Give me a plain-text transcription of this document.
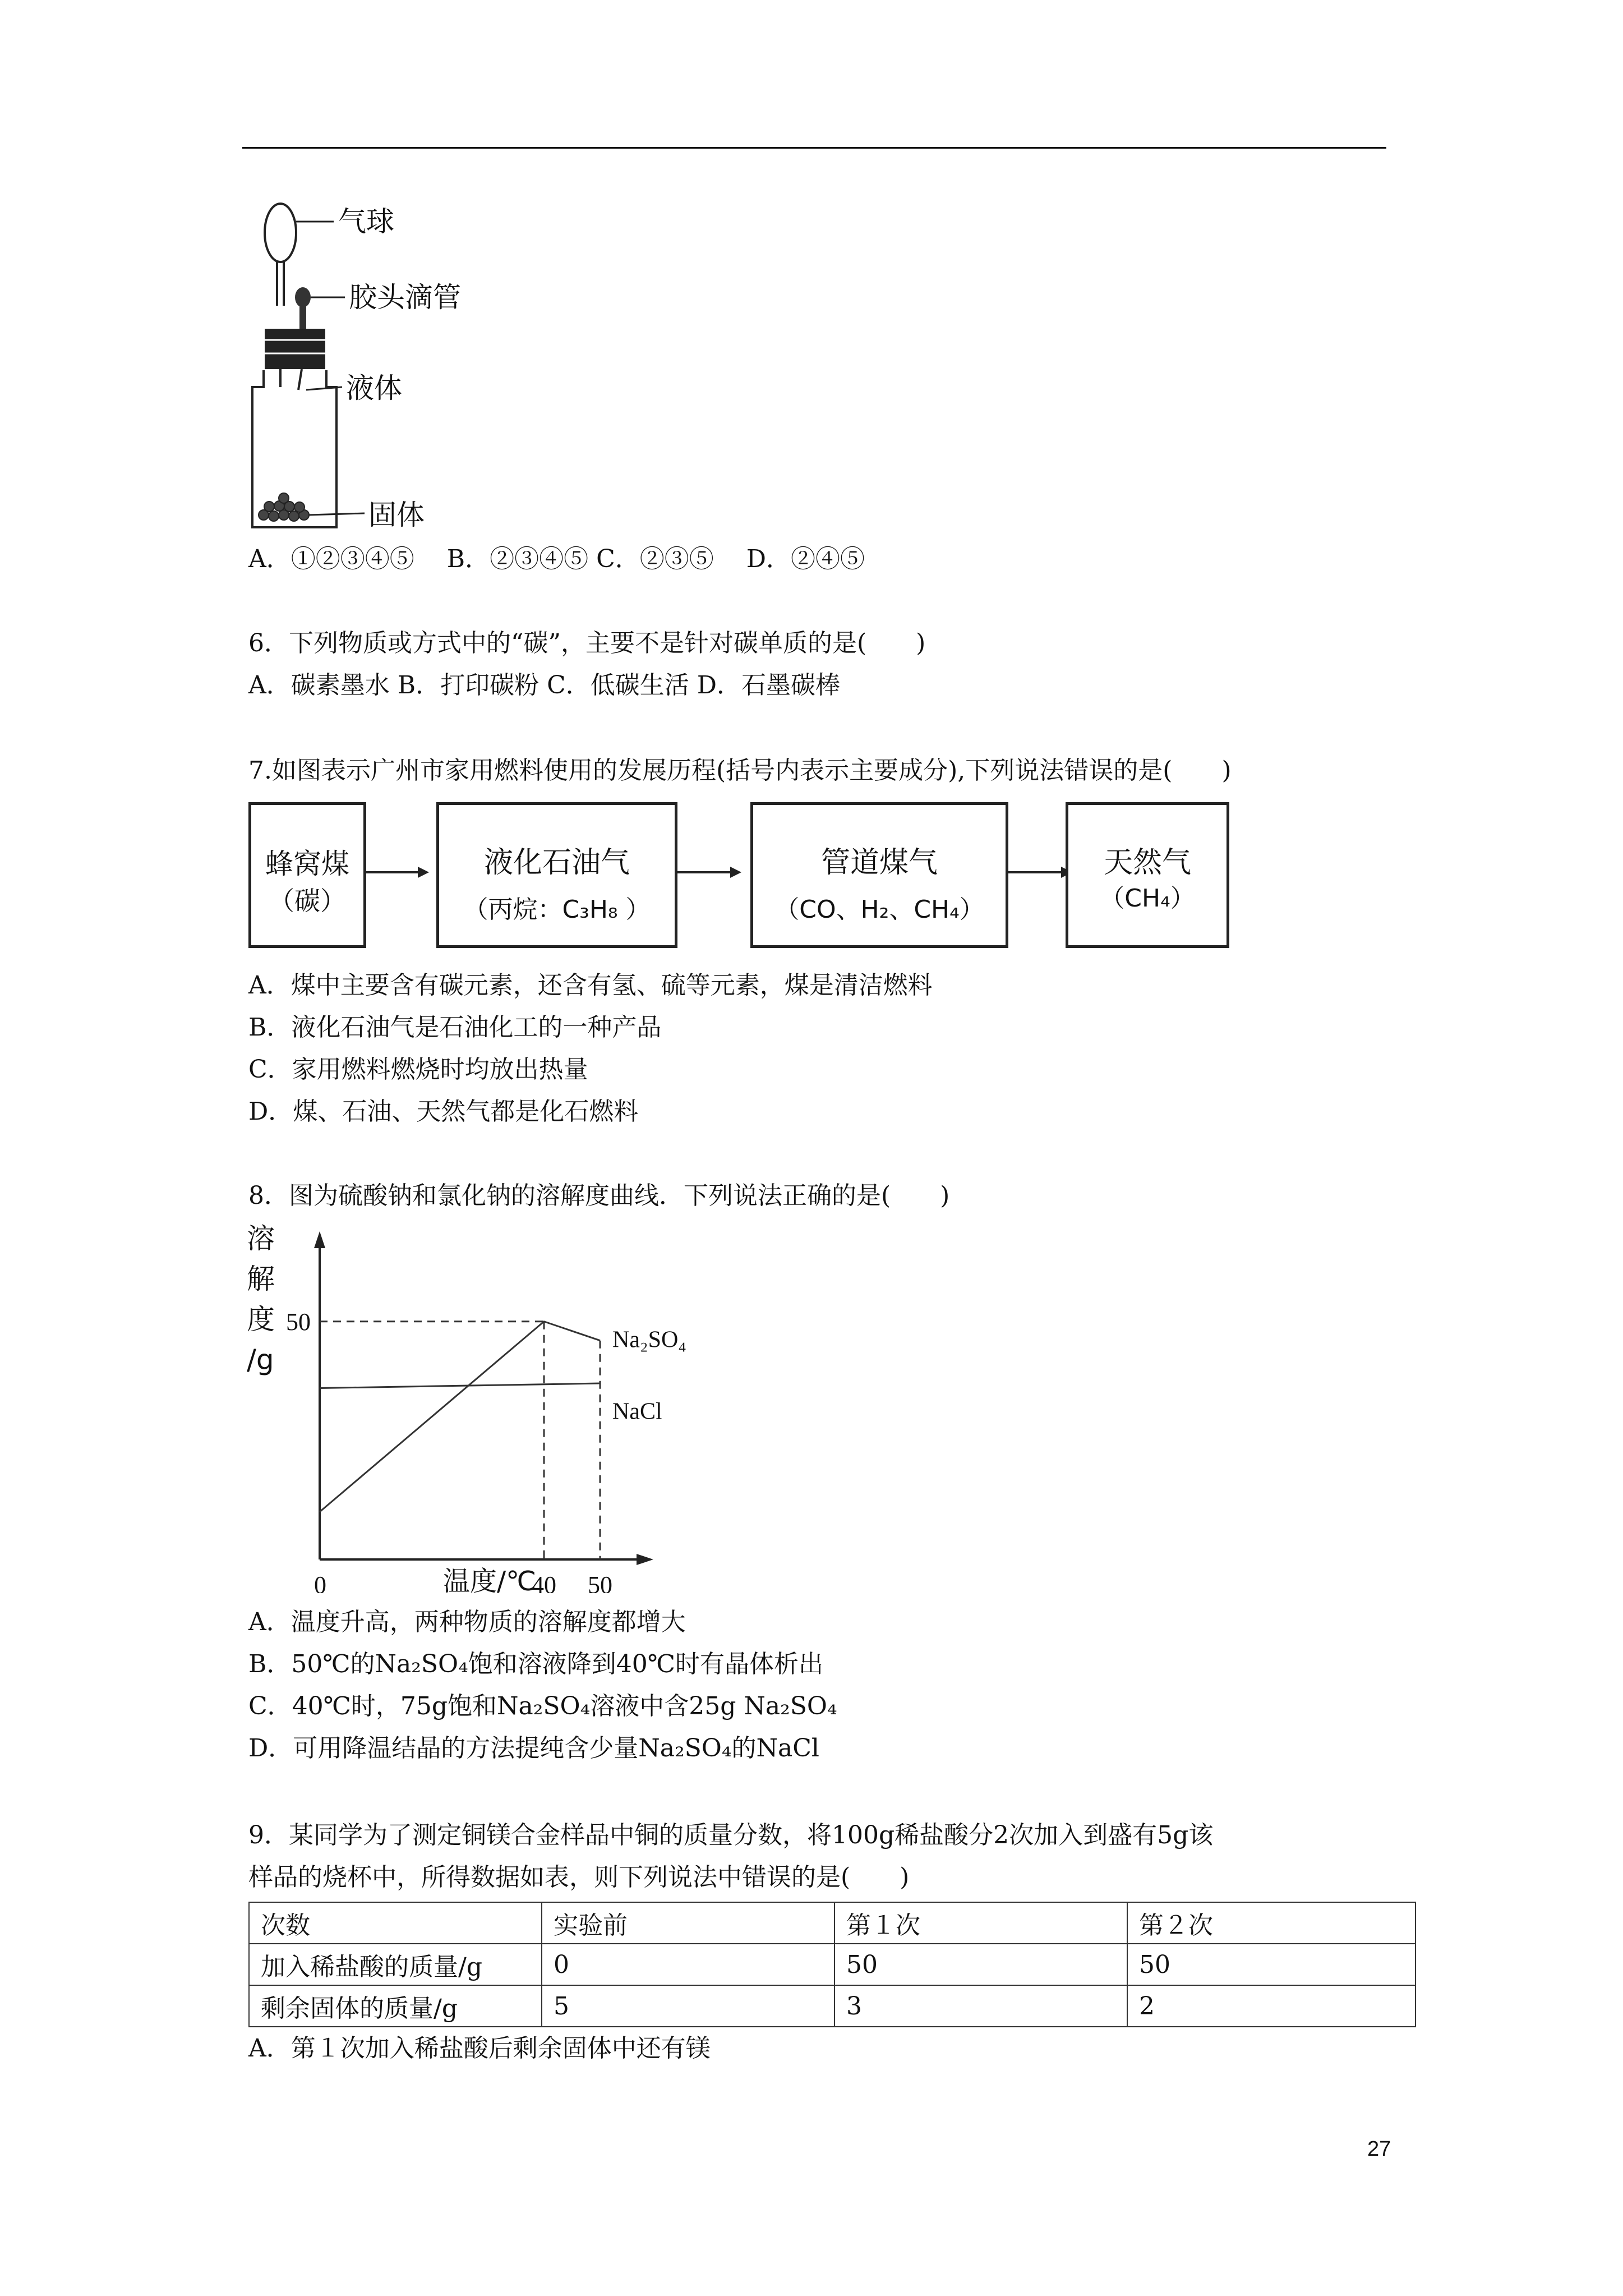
气球
胶头滴管
液体
固体
A．①②③④⑤　 B．②③④⑤ C．②③⑤　 D．②④⑤
6．下列物质或方式中的“碳”，主要不是针对碳单质的是(　　)
A．碳素墨水 B．打印碳粉 C．低碳生活 D．石墨碳棒
7.如图表示广州市家用燃料使用的发展历程(括号内表示主要成分),下列说法错误的是(　　)
蜂窝煤
（碳）
液化石油气
（丙烷：C₃H₈ ）
管道煤气
（CO、H₂、CH₄）
天然气
（CH₄）
A．煤中主要含有碳元素，还含有氢、硫等元素，煤是清洁燃料
B．液化石油气是石油化工的一种产品
C．家用燃料燃烧时均放出热量
D．煤、石油、天然气都是化石燃料
8．图为硫酸钠和氯化钠的溶解度曲线．下列说法正确的是(　　)
溶
解
度
/g
50
0	40 50
温度/℃
Na₂SO₄
NaCl
A．温度升高，两种物质的溶解度都增大
B．50℃的Na₂SO₄饱和溶液降到40℃时有晶体析出
C．40℃时，75g饱和Na₂SO₄溶液中含25g Na₂SO₄
D．可用降温结晶的方法提纯含少量Na₂SO₄的NaCl
9．某同学为了测定铜镁合金样品中铜的质量分数，将100g稀盐酸分2次加入到盛有5g该
样品的烧杯中，所得数据如表，则下列说法中错误的是(　　)
次数	实验前	第１次	第２次
加入稀盐酸的质量/g	0	50	50
剩余固体的质量/g	5	3	2
A．第１次加入稀盐酸后剩余固体中还有镁
27
